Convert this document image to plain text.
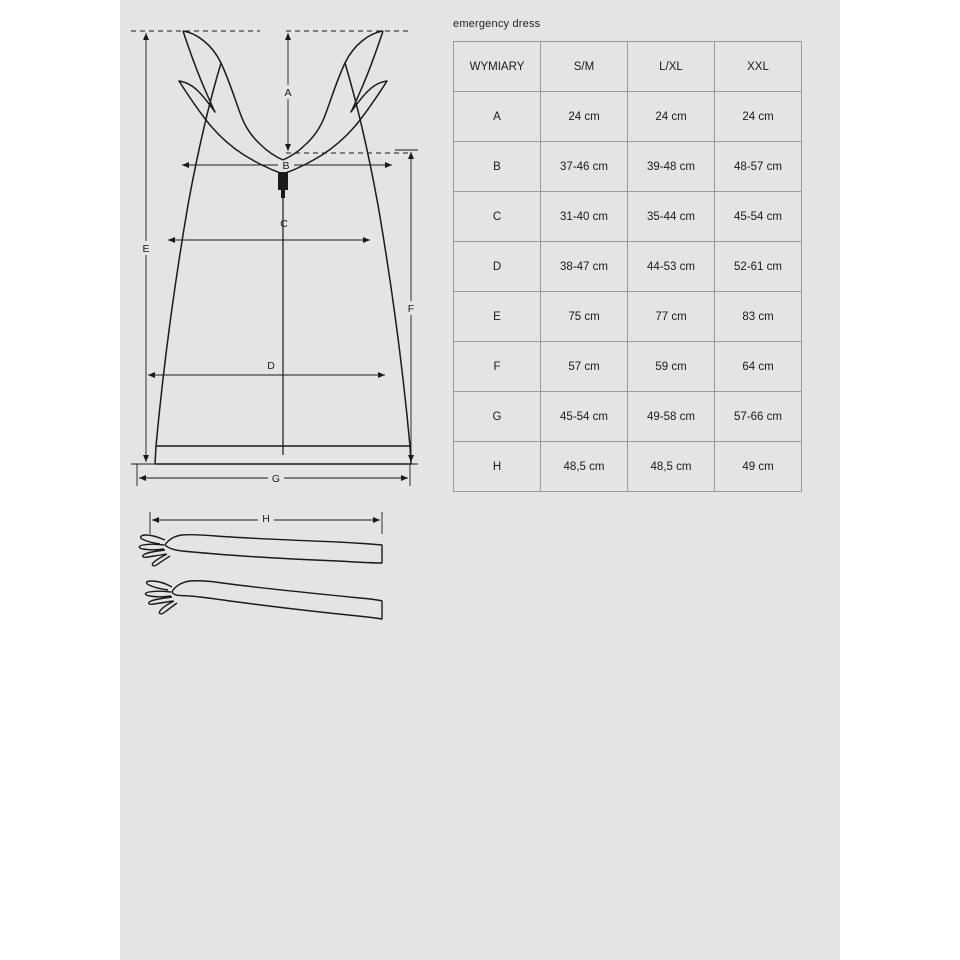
emergency dress
E
A
B
C
D
F
G
H
WYMIARY	S/M	L/XL	XXL
A	24 cm	24 cm	24 cm
B	37-46 cm	39-48 cm	48-57 cm
C	31-40 cm	35-44 cm	45-54 cm
D	38-47 cm	44-53 cm	52-61 cm
E	75 cm	77 cm	83 cm
F	57 cm	59 cm	64 cm
G	45-54 cm	49-58 cm	57-66 cm
H	48,5 cm	48,5 cm	49 cm
